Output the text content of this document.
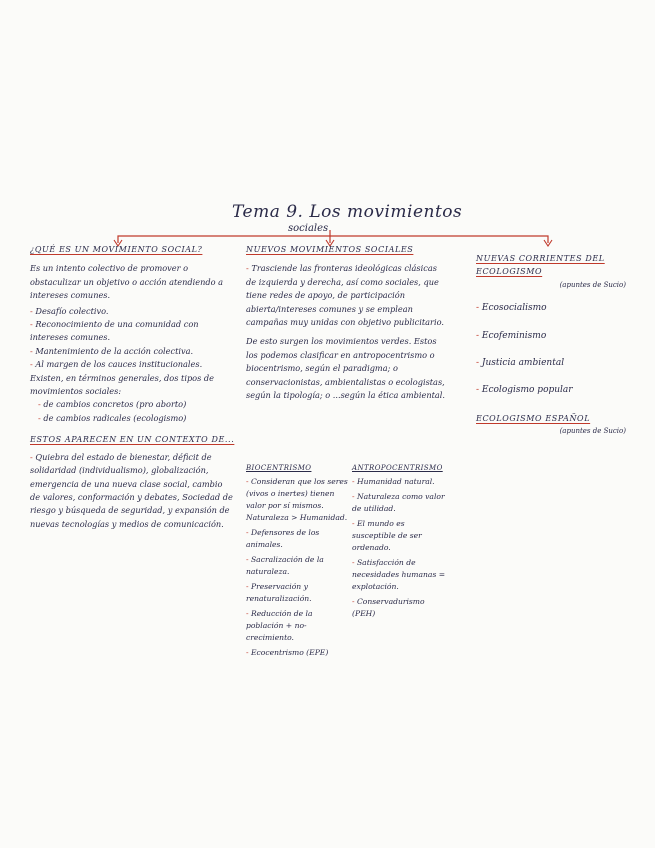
Tema 9. Los movimientos
sociales

¿QUÉ ES UN MOVIMIENTO SOCIAL?

Es un intento colectivo de promover o obstaculizar un objetivo o acción atendiendo a intereses comunes.

- Desafío colectivo.
- Reconocimiento de una comunidad con intereses comunes.
- Mantenimiento de la acción colectiva.
- Al margen de los cauces institucionales.

Existen, en términos generales, dos tipos de movimientos sociales:

- de cambios concretos (pro aborto)
- de cambios radicales (ecologismo)

ESTOS APARECEN EN UN CONTEXTO DE...

- Quiebra del estado de bienestar, déficit de solidaridad (individualismo), globalización, emergencia de una nueva clase social, cambio de valores, conformación y debates, Sociedad de riesgo y búsqueda de seguridad, y expansión de nuevas tecnologías y medios de comunicación.

NUEVOS MOVIMIENTOS SOCIALES

- Trasciende las fronteras ideológicas clásicas de izquierda y derecha, así como sociales, que tiene redes de apoyo, de participación abierta/intereses comunes y se emplean campañas muy unidas con objetivo publicitario.

De esto surgen los movimientos verdes. Estos los podemos clasificar en antropocentrismo o biocentrismo, según el paradigma; o conservacionistas, ambientalistas o ecologistas, según la tipología; o ...según la ética ambiental.

BIOCENTRISMO
- Consideran que los seres (vivos o inertes) tienen valor por sí mismos. Naturaleza > Humanidad.
- Defensores de los animales.
- Sacralización de la naturaleza.
- Preservación y renaturalización.
- Reducción de la población + no-crecimiento.
- Ecocentrismo (EPE)
ANTROPOCENTRISMO
- Humanidad natural.
- Naturaleza como valor de utilidad.
- El mundo es susceptible de ser ordenado.
- Satisfacción de necesidades humanas = explotación.
- Conservadurismo (PEH)

NUEVAS CORRIENTES DEL ECOLOGISMO

(apuntes de Sucio)

- Ecosocialismo
- Ecofeminismo
- Justicia ambiental
- Ecologismo popular

ECOLOGISMO ESPAÑOL

(apuntes de Sucio)
